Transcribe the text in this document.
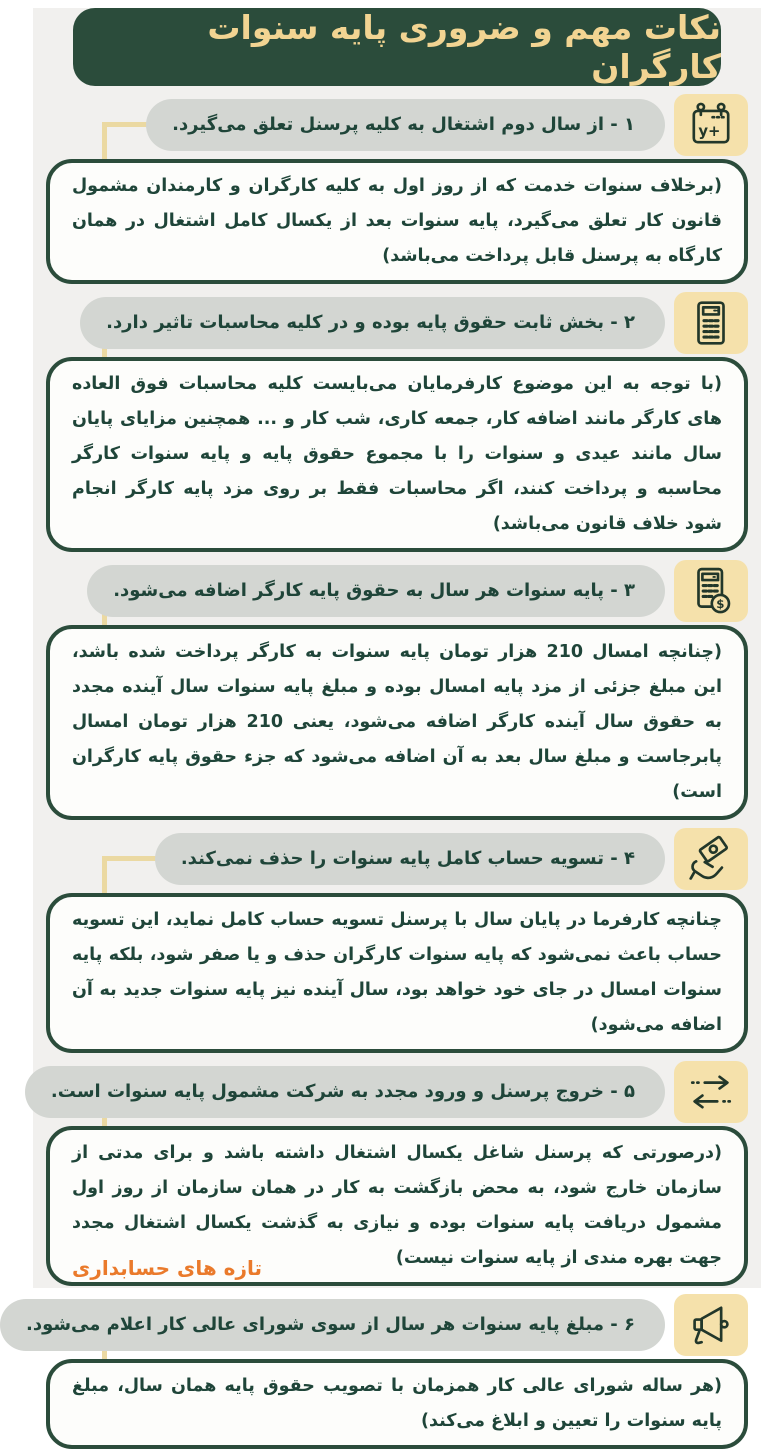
نکات مهم و ضروری پایه سنوات کارگران
+y
۱ - از سال دوم اشتغال به کلیه پرسنل تعلق می‌گیرد.

(برخلاف سنوات خدمت که از روز اول به کلیه کارگران و کارمندان مشمول قانون کار تعلق می‌گیرد، پایه سنوات بعد از یکسال کامل اشتغال در همان کارگاه به پرسنل قابل پرداخت می‌باشد)

۲ - بخش ثابت حقوق پایه بوده و در کلیه محاسبات تاثیر دارد.

(با توجه به این موضوع کارفرمایان می‌بایست کلیه محاسبات فوق العاده های کارگر مانند اضافه کار، جمعه کاری، شب کار و ... همچنین مزایای پایان سال مانند عیدی و سنوات را با مجموع حقوق پایه و پایه سنوات کارگر محاسبه و پرداخت کنند، اگر محاسبات فقط بر روی مزد پایه کارگر انجام شود خلاف قانون می‌باشد)

$
۳ - پایه سنوات هر سال به حقوق پایه کارگر اضافه می‌شود.

(چنانچه امسال 210 هزار تومان پایه سنوات به کارگر پرداخت شده باشد، این مبلغ جزئی از مزد پایه امسال بوده و مبلغ پایه سنوات سال آینده مجدد به حقوق سال آینده کارگر اضافه می‌شود، یعنی 210 هزار تومان امسال پابرجاست و مبلغ سال بعد به آن اضافه می‌شود که جزء حقوق پایه کارگران است)

۴ - تسویه حساب کامل پایه سنوات را حذف نمی‌کند.

چنانچه کارفرما در پایان سال با پرسنل تسویه حساب کامل نماید، این تسویه حساب باعث نمی‌شود که پایه سنوات کارگران حذف و یا صفر شود، بلکه پایه سنوات امسال در جای خود خواهد بود، سال آینده نیز پایه سنوات جدید به آن اضافه می‌شود)

۵ - خروج پرسنل و ورود مجدد به شرکت مشمول پایه سنوات است.

(درصورتی که پرسنل شاغل یکسال اشتغال داشته باشد و برای مدتی از سازمان خارج شود، به محض بازگشت به کار در همان سازمان از روز اول مشمول دریافت پایه سنوات بوده و نیازی به گذشت یکسال اشتغال مجدد جهت بهره مندی از پایه سنوات نیست)

تازه های حسابداری
۶ - مبلغ پایه سنوات هر سال از سوی شورای عالی کار اعلام می‌شود.

(هر ساله شورای عالی کار همزمان با تصویب حقوق پایه همان سال، مبلغ پایه سنوات را تعیین و ابلاغ می‌کند)
